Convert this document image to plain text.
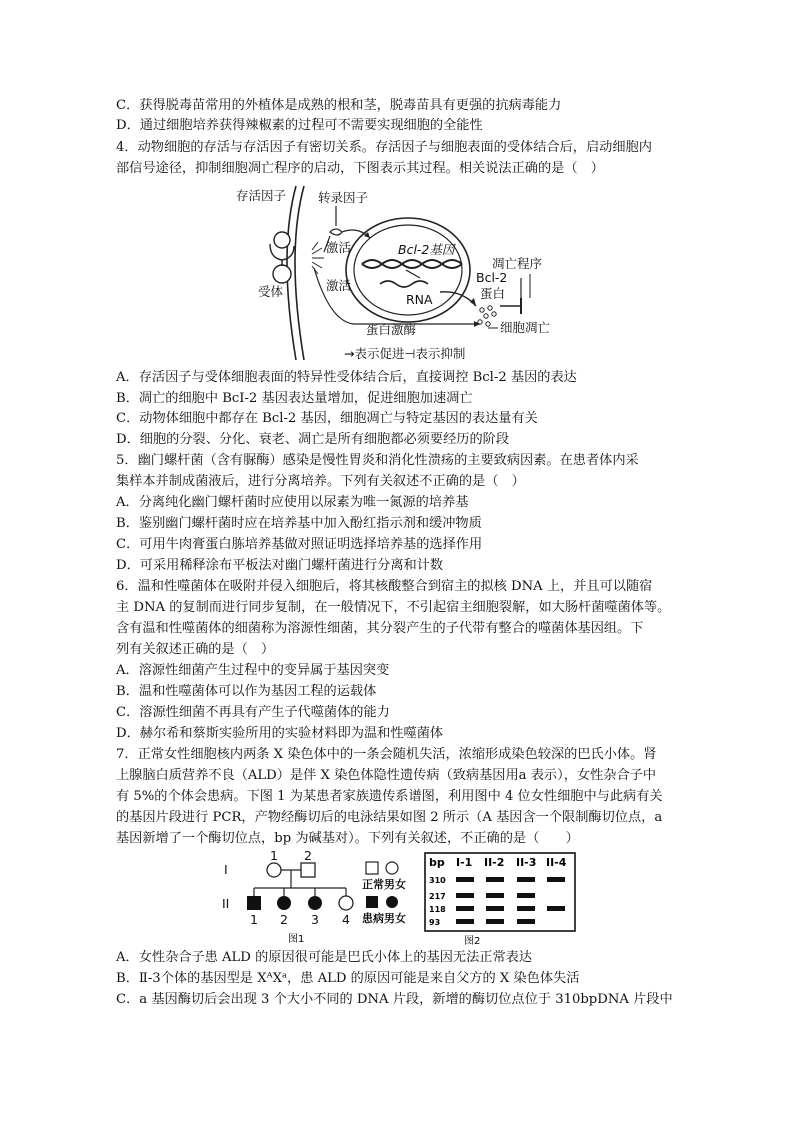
C．获得脱毒苗常用的外植体是成熟的根和茎，脱毒苗具有更强的抗病毒能力
D．通过细胞培养获得辣椒素的过程可不需要实现细胞的全能性
4．动物细胞的存活与存活因子有密切关系。存活因子与细胞表面的受体结合后，启动细胞内
部信号途径，抑制细胞凋亡程序的启动，下图表示其过程。相关说法正确的是（　）
存活因子	转录因子
激活
激活
Bcl-2基因
RNA
受体
凋亡程序
Bcl-2
蛋白
蛋白激酶	细胞凋亡
→表示促进⊣表示抑制
A．存活因子与受体细胞表面的特异性受体结合后，直接调控 Bcl-2 基因的表达
B．凋亡的细胞中 BcI-2 基因表达量增加，促进细胞加速凋亡
C．动物体细胞中都存在 Bcl-2 基因，细胞凋亡与特定基因的表达量有关
D．细胞的分裂、分化、衰老、凋亡是所有细胞都必须要经历的阶段
5．幽门螺杆菌（含有脲酶）感染是慢性胃炎和消化性溃疡的主要致病因素。在患者体内采
集样本并制成菌液后，进行分离培养。下列有关叙述不正确的是（　）
A．分离纯化幽门螺杆菌时应使用以尿素为唯一氮源的培养基
B．鉴别幽门螺杆菌时应在培养基中加入酚红指示剂和缓冲物质
C．可用牛肉膏蛋白胨培养基做对照证明选择培养基的选择作用
D．可采用稀释涂布平板法对幽门螺杆菌进行分离和计数
6．温和性噬菌体在吸附并侵入细胞后，将其核酸整合到宿主的拟核 DNA 上，并且可以随宿
主 DNA 的复制而进行同步复制，在一般情况下，不引起宿主细胞裂解，如大肠杆菌噬菌体等。
含有温和性噬菌体的细菌称为溶源性细菌，其分裂产生的子代带有整合的噬菌体基因组。下
列有关叙述正确的是（　）
A．溶源性细菌产生过程中的变异属于基因突变
B．温和性噬菌体可以作为基因工程的运载体
C．溶源性细菌不再具有产生子代噬菌体的能力
D．赫尔希和蔡斯实验所用的实验材料即为温和性噬菌体
7．正常女性细胞核内两条 X 染色体中的一条会随机失活，浓缩形成染色较深的巴氏小体。肾
上腺脑白质营养不良（ALD）是伴 X 染色体隐性遗传病（致病基因用a 表示），女性杂合子中
有 5%的个体会患病。下图 1 为某患者家族遗传系谱图，利用图中 4 位女性细胞中与此病有关
的基因片段进行 PCR，产物经酶切后的电泳结果如图 2 所示（A 基因含一个限制酶切位点，a
基因新增了一个酶切位点，bp 为碱基对）。下列有关叙述，不正确的是（　　）
I
II
1 2
1 2 3 4
正常男女
患病男女
图1
bp I-1 II-2 II-3 II-4
310
217
118
93
图2
A．女性杂合子患 ALD 的原因很可能是巴氏小体上的基因无法正常表达
B．Ⅱ-3个体的基因型是 XᴬXᵃ，患 ALD 的原因可能是来自父方的 X 染色体失活
C．a 基因酶切后会出现 3 个大小不同的 DNA 片段，新增的酶切位点位于 310bpDNA 片段中
